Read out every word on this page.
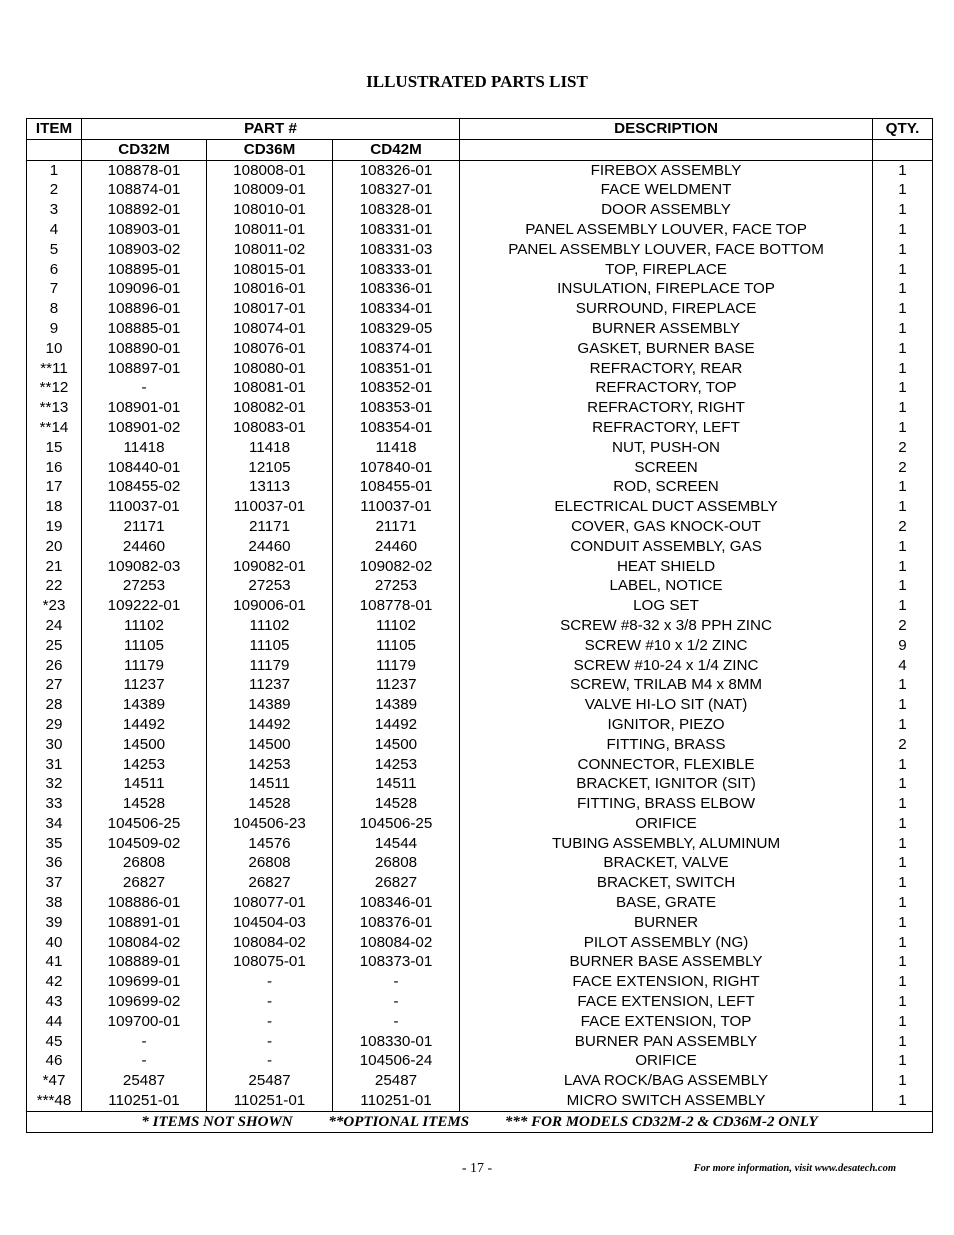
ILLUSTRATED PARTS LIST
ITEM	PART #			DESCRIPTION	QTY.
	CD32M	CD36M	CD42M		
1	108878-01	108008-01	108326-01	FIREBOX ASSEMBLY	1
2	108874-01	108009-01	108327-01	FACE WELDMENT	1
3	108892-01	108010-01	108328-01	DOOR ASSEMBLY	1
4	108903-01	108011-01	108331-01	PANEL ASSEMBLY LOUVER, FACE TOP	1
5	108903-02	108011-02	108331-03	PANEL ASSEMBLY LOUVER, FACE BOTTOM	1
6	108895-01	108015-01	108333-01	TOP, FIREPLACE	1
7	109096-01	108016-01	108336-01	INSULATION, FIREPLACE TOP	1
8	108896-01	108017-01	108334-01	SURROUND, FIREPLACE	1
9	108885-01	108074-01	108329-05	BURNER ASSEMBLY	1
10	108890-01	108076-01	108374-01	GASKET, BURNER BASE	1
**11	108897-01	108080-01	108351-01	REFRACTORY, REAR	1
**12	-	108081-01	108352-01	REFRACTORY, TOP	1
**13	108901-01	108082-01	108353-01	REFRACTORY, RIGHT	1
**14	108901-02	108083-01	108354-01	REFRACTORY, LEFT	1
15	11418	11418	11418	NUT, PUSH-ON	2
16	108440-01	12105	107840-01	SCREEN	2
17	108455-02	13113	108455-01	ROD, SCREEN	1
18	110037-01	110037-01	110037-01	ELECTRICAL DUCT ASSEMBLY	1
19	21171	21171	21171	COVER, GAS KNOCK-OUT	2
20	24460	24460	24460	CONDUIT ASSEMBLY, GAS	1
21	109082-03	109082-01	109082-02	HEAT SHIELD	1
22	27253	27253	27253	LABEL, NOTICE	1
*23	109222-01	109006-01	108778-01	LOG SET	1
24	11102	11102	11102	SCREW #8-32 x 3/8 PPH ZINC	2
25	11105	11105	11105	SCREW #10 x 1/2 ZINC	9
26	11179	11179	11179	SCREW #10-24 x 1/4 ZINC	4
27	11237	11237	11237	SCREW, TRILAB M4 x 8MM	1
28	14389	14389	14389	VALVE HI-LO SIT (NAT)	1
29	14492	14492	14492	IGNITOR, PIEZO	1
30	14500	14500	14500	FITTING, BRASS	2
31	14253	14253	14253	CONNECTOR, FLEXIBLE	1
32	14511	14511	14511	BRACKET, IGNITOR (SIT)	1
33	14528	14528	14528	FITTING, BRASS ELBOW	1
34	104506-25	104506-23	104506-25	ORIFICE	1
35	104509-02	14576	14544	TUBING ASSEMBLY, ALUMINUM	1
36	26808	26808	26808	BRACKET, VALVE	1
37	26827	26827	26827	BRACKET, SWITCH	1
38	108886-01	108077-01	108346-01	BASE, GRATE	1
39	108891-01	104504-03	108376-01	BURNER	1
40	108084-02	108084-02	108084-02	PILOT ASSEMBLY (NG)	1
41	108889-01	108075-01	108373-01	BURNER BASE ASSEMBLY	1
42	109699-01	-	-	FACE EXTENSION, RIGHT	1
43	109699-02	-	-	FACE EXTENSION, LEFT	1
44	109700-01	-	-	FACE EXTENSION, TOP	1
45	-	-	108330-01	BURNER PAN ASSEMBLY	1
46	-	-	104506-24	ORIFICE	1
*47	25487	25487	25487	LAVA ROCK/BAG ASSEMBLY	1
***48	110251-01	110251-01	110251-01	MICRO SWITCH ASSEMBLY	1
* ITEMS NOT SHOWN **OPTIONAL ITEMS *** FOR MODELS CD32M-2 & CD36M-2 ONLY					
- 17 -	For more information, visit www.desatech.com
